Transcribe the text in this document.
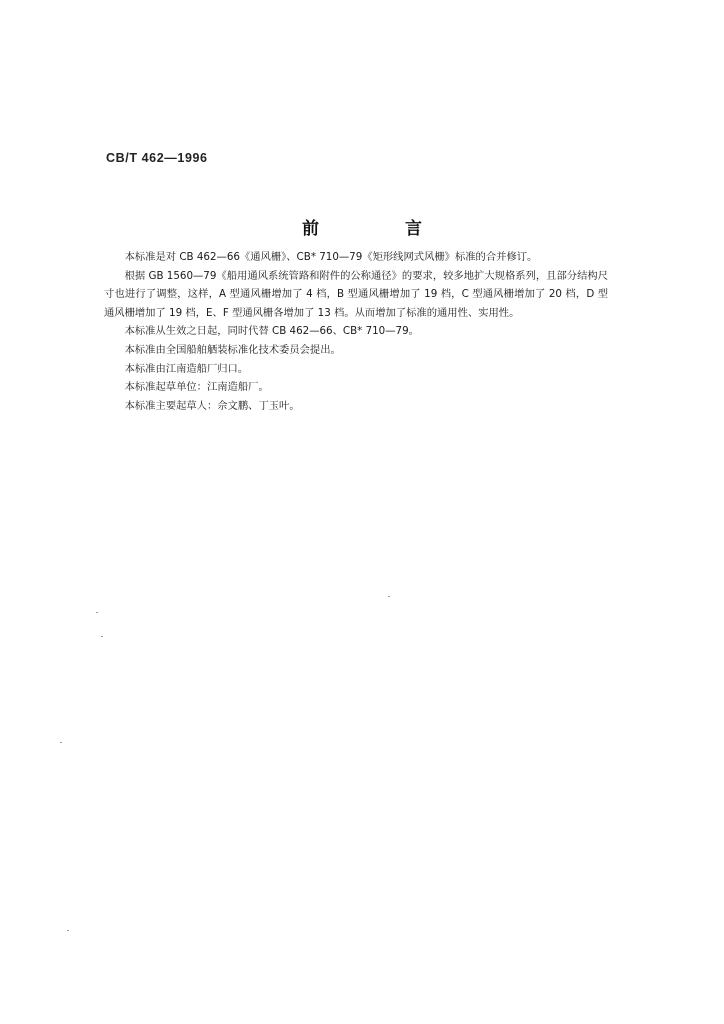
CB/T 462—1996
前 言

本标准是对 CB 462—66《通风栅》、CB* 710—79《矩形线网式风栅》标准的合并修订。

根据 GB 1560—79《船用通风系统管路和附件的公称通径》的要求，较多地扩大规格系列，且部分结构尺寸也进行了调整，这样，A 型通风栅增加了 4 档，B 型通风栅增加了 19 档，C 型通风栅增加了 20 档，D 型通风栅增加了 19 档，E、F 型通风栅各增加了 13 档。从而增加了标准的通用性、实用性。

本标准从生效之日起，同时代替 CB 462—66、CB* 710—79。

本标准由全国船舶舾装标准化技术委员会提出。

本标准由江南造船厂归口。

本标准起草单位：江南造船厂。

本标准主要起草人：佘文鹏、丁玉叶。
